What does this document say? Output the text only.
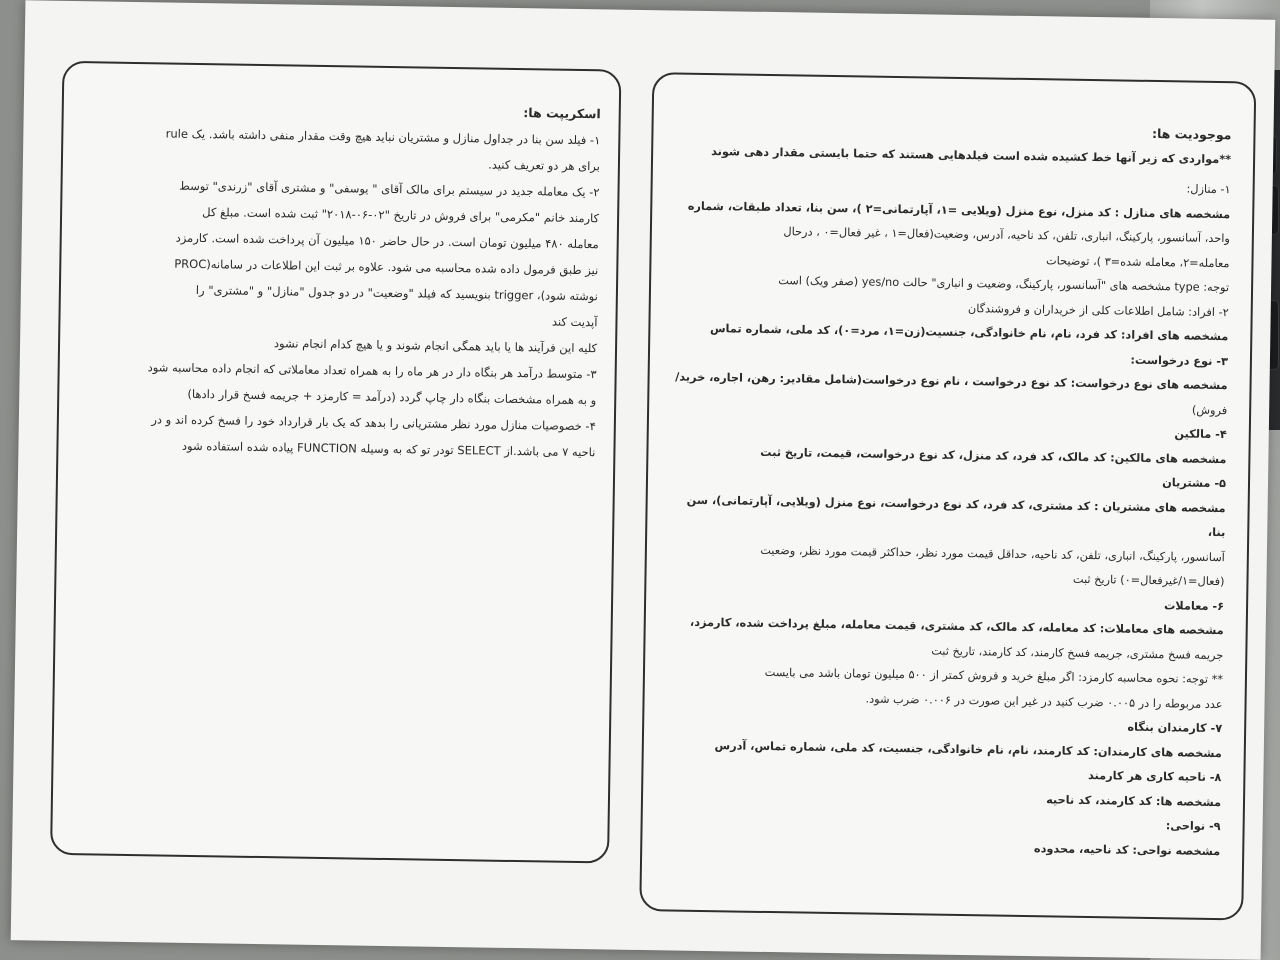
اسکریپت ها:

۱- فیلد سن بنا در جداول منازل و مشتریان نباید هیچ وقت مقدار منفی داشته باشد. یک rule

برای هر دو تعریف کنید.

۲- یک معامله جدید در سیستم برای مالک آقای " یوسفی" و مشتری آقای "زرندی" توسط

کارمند خانم "مکرمی" برای فروش در تاریخ "۰۲-۰۶-۲۰۱۸" ثبت شده است. مبلغ کل

معامله ۴۸۰ میلیون تومان است. در حال حاضر ۱۵۰ میلیون آن پرداخت شده است. کارمزد

نیز طبق فرمول داده شده محاسبه می شود. علاوه بر ثبت این اطلاعات در سامانه(PROC

نوشته شود)، trigger بنویسید که فیلد "وضعیت" در دو جدول "منازل" و "مشتری" را

آپدیت کند

کلیه این فرآیند ها یا باید همگی انجام شوند و یا هیچ کدام انجام نشود

۳- متوسط درآمد هر بنگاه دار در هر ماه را به همراه تعداد معاملاتی که انجام داده محاسبه شود

و به همراه مشخصات بنگاه دار چاپ گردد (درآمد = کارمزد + جریمه فسخ قرار دادها)

۴- خصوصیات منازل مورد نظر مشتریانی را بدهد که یک بار قرارداد خود را فسخ کرده اند و در

ناحیه ۷ می باشد.از SELECT تودر تو که به وسیله FUNCTION پیاده شده استفاده شود

موجودیت ها:

**مواردی که زیر آنها خط کشیده شده است فیلدهایی هستند که حتما بایستی مقدار دهی شوند

۱- منازل:

مشخصه های منازل : کد منزل، نوع منزل (ویلایی =۱، آپارتمانی=۲ )، سن بنا، تعداد طبقات، شماره

واحد، آسانسور، پارکینگ، انباری، تلفن، کد ناحیه، آدرس، وضعیت(فعال=۱ ، غیر فعال=۰ ، درحال

معامله=۲، معامله شده=۳ )، توضیحات

توجه: type مشخصه های "آسانسور، پارکینگ، وضعیت و انباری" حالت yes/no (صفر ویک) است

۲- افراد: شامل اطلاعات کلی از خریداران و فروشندگان

مشخصه های افراد: کد فرد، نام، نام خانوادگی، جنسیت(زن=۱، مرد=۰)، کد ملی، شماره تماس

۳- نوع درخواست:

مشخصه های نوع درخواست: کد نوع درخواست ، نام نوع درخواست(شامل مقادیر: رهن، اجاره، خرید/

فروش)

۴- مالکین

مشخصه های مالکین: کد مالک، کد فرد، کد منزل، کد نوع درخواست، قیمت، تاریخ ثبت

۵- مشتریان

مشخصه های مشتریان : کد مشتری، کد فرد، کد نوع درخواست، نوع منزل (ویلایی، آپارتمانی)، سن بنا،

آسانسور، پارکینگ، انباری، تلفن، کد ناحیه، حداقل قیمت مورد نظر، حداکثر قیمت مورد نظر، وضعیت

(فعال=۱/غیرفعال=۰) تاریخ ثبت

۶- معاملات

مشخصه های معاملات: کد معامله، کد مالک، کد مشتری، قیمت معامله، مبلغ پرداخت شده، کارمزد،

جریمه فسخ مشتری، جریمه فسخ کارمند، کد کارمند، تاریخ ثبت

** توجه: نحوه محاسبه کارمزد: اگر مبلغ خرید و فروش کمتر از ۵۰۰ میلیون تومان باشد می بایست

عدد مربوطه را در ۰.۰۰۵ ضرب کنید در غیر این صورت در ۰.۰۰۶ ضرب شود.

۷- کارمندان بنگاه

مشخصه های کارمندان: کد کارمند، نام، نام خانوادگی، جنسیت، کد ملی، شماره تماس، آدرس

۸- ناحیه کاری هر کارمند

مشخصه ها: کد کارمند، کد ناحیه

۹- نواحی:

مشخصه نواحی: کد ناحیه، محدوده
